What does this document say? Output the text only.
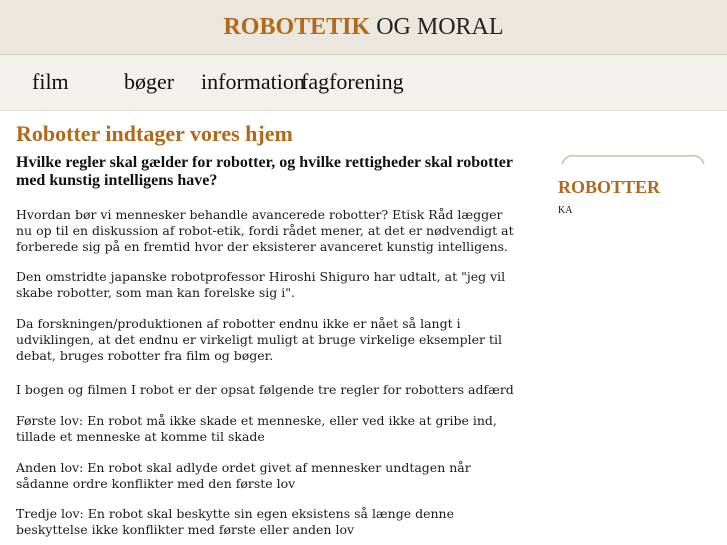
ROBOTETIK OG MORAL
film	bøger information
fagforening
Robotter indtager vores hjem
Hvilke regler skal gælder for robotter, og hvilke rettigheder skal robotter med kunstig intelligens have?

Hvordan bør vi mennesker behandle avancerede robotter? Etisk Råd lægger nu op til en diskussion af robot-etik, fordi rådet mener, at det er nødvendigt at forberede sig på en fremtid hvor der eksisterer avanceret kunstig intelligens.

Den omstridte japanske robotprofessor Hiroshi Shiguro har udtalt, at "jeg vil skabe robotter, som man kan forelske sig i".

Da forskningen/produktionen af robotter endnu ikke er nået så langt i udviklingen, at det endnu er virkeligt muligt at bruge virkelige eksempler til debat, bruges robotter fra film og bøger.

I bogen og filmen I robot er der opsat følgende tre regler for robotters adfærd

Første lov: En robot må ikke skade et menneske, eller ved ikke at gribe ind, tillade et menneske at komme til skade

Anden lov: En robot skal adlyde ordet givet af mennesker undtagen når sådanne ordre konflikter med den første lov

Tredje lov: En robot skal beskytte sin egen eksistens så længe denne beskyttelse ikke konflikter med første eller anden lov

ROBOTTER
KA
